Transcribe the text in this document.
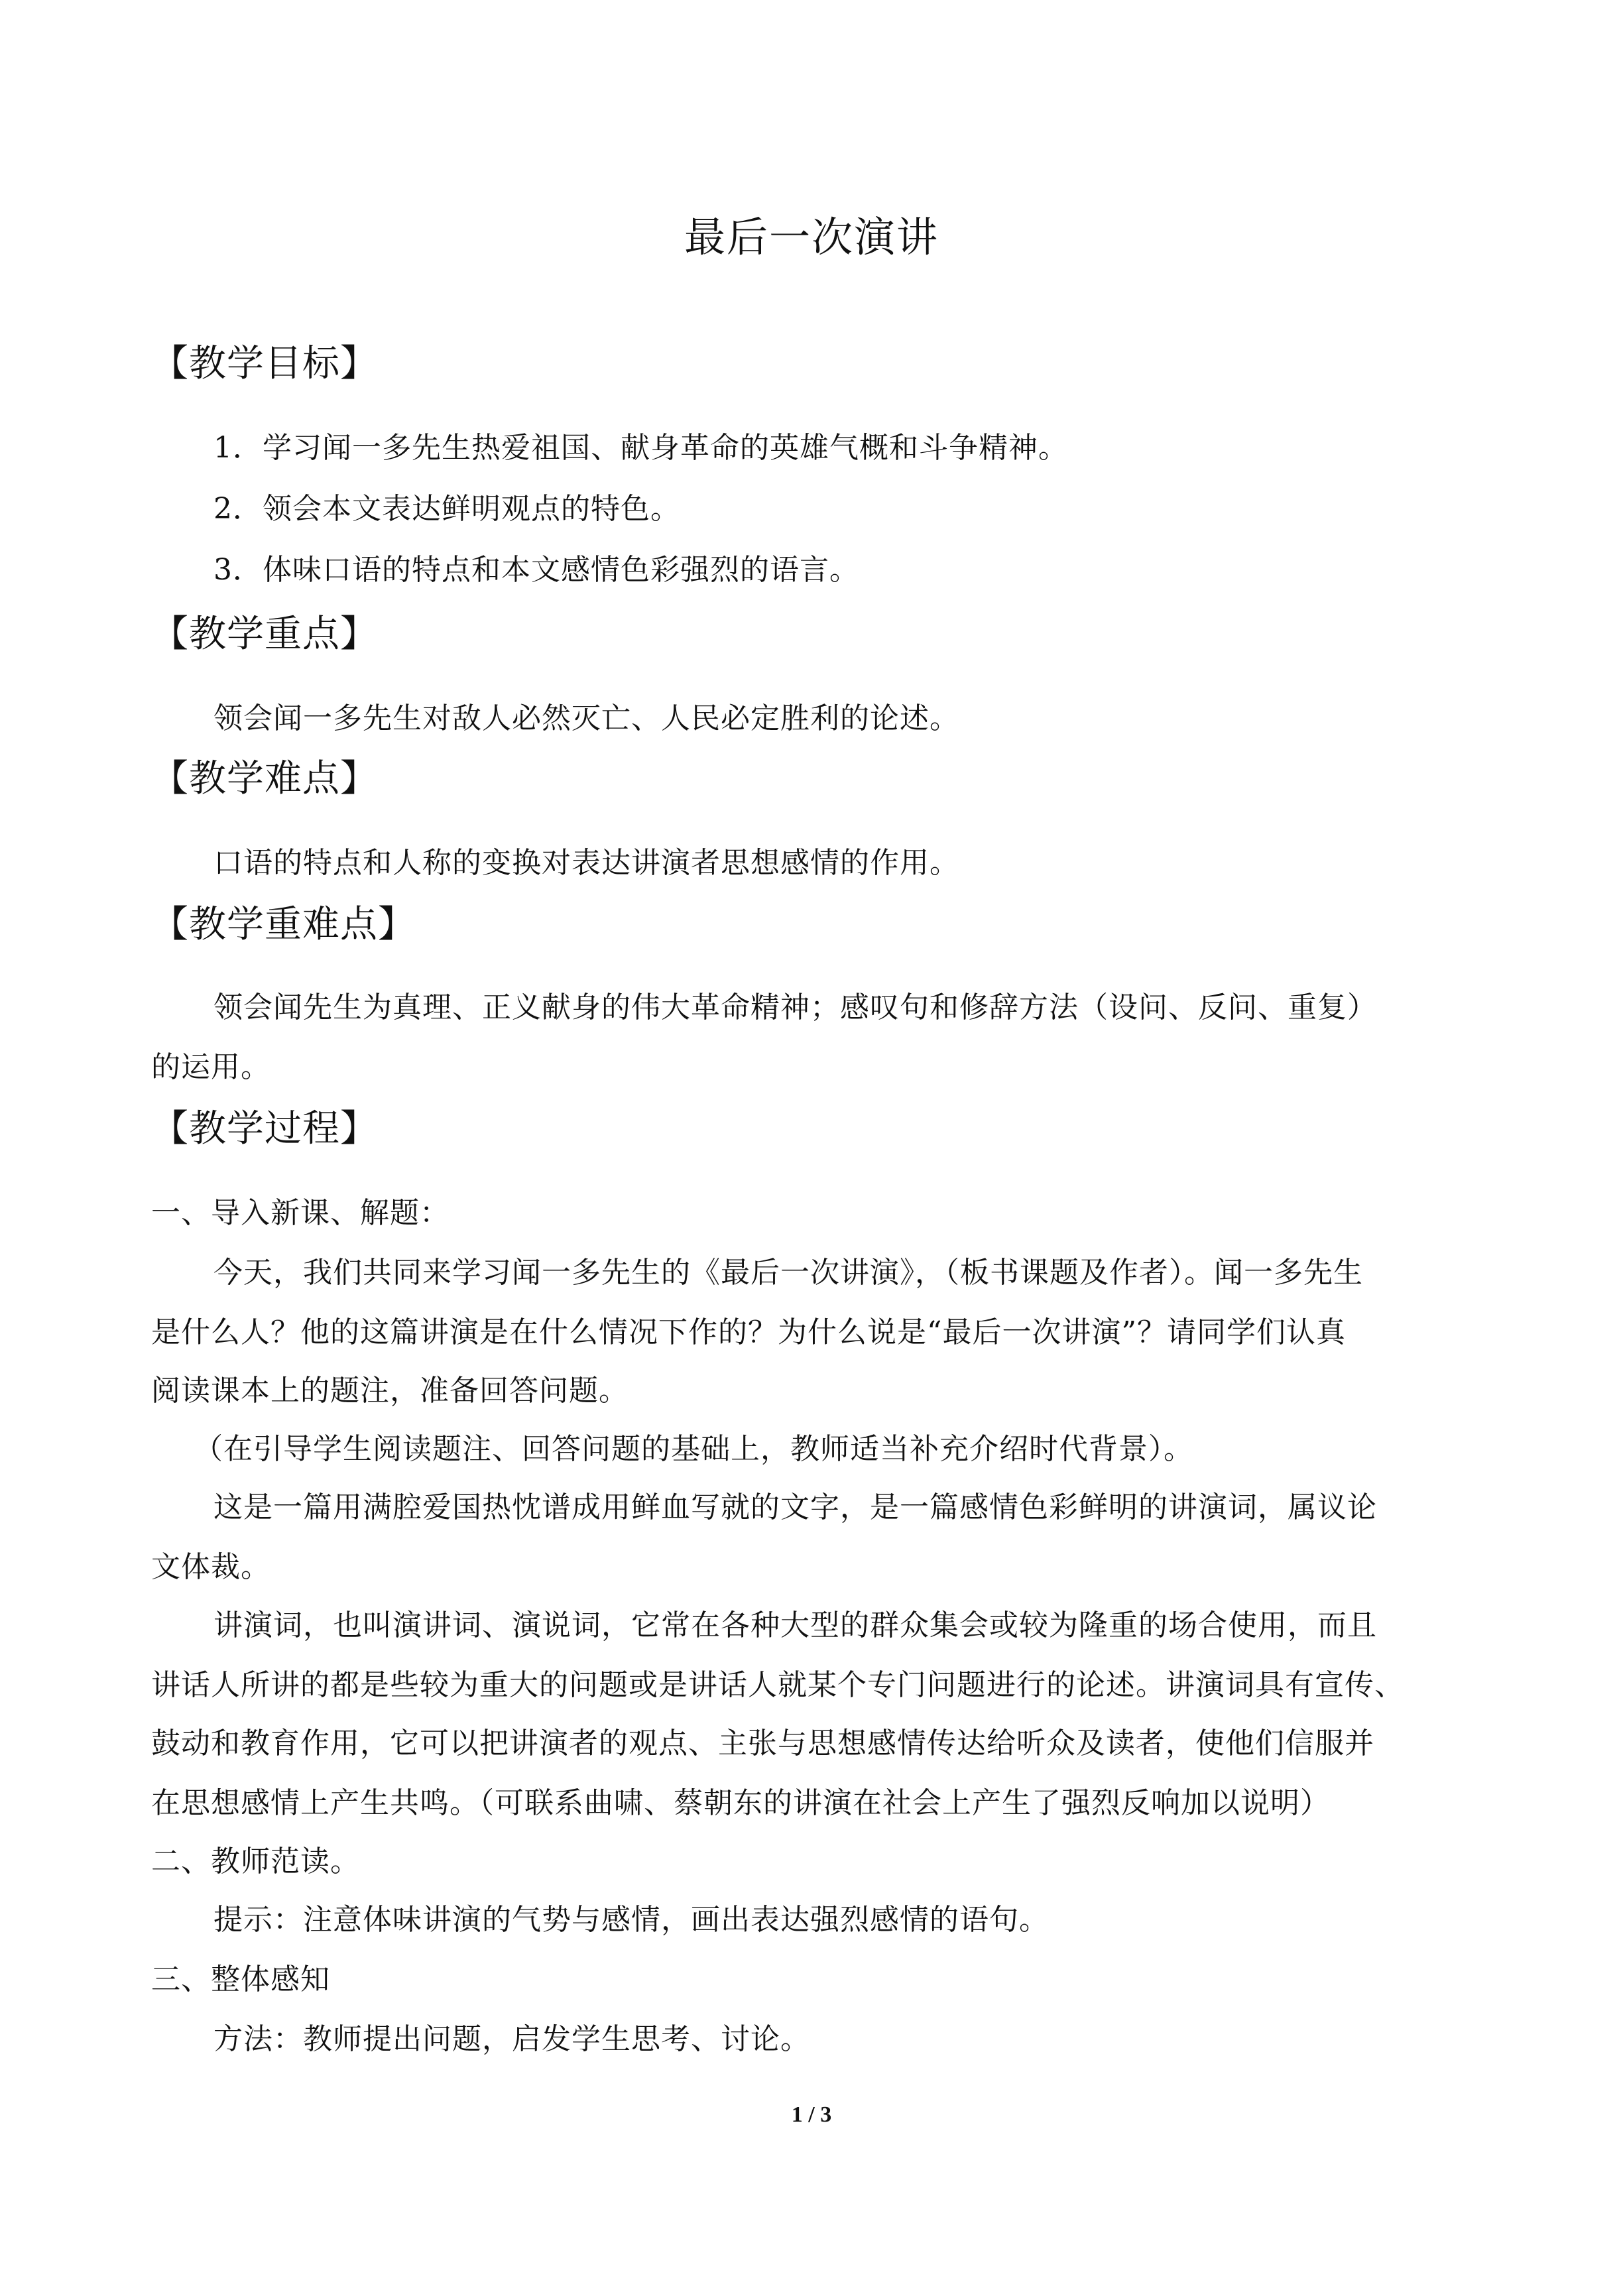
最后一次演讲
【教学目标】
1．学习闻一多先生热爱祖国、献身革命的英雄气概和斗争精神。
2．领会本文表达鲜明观点的特色。
3．体味口语的特点和本文感情色彩强烈的语言。
【教学重点】
领会闻一多先生对敌人必然灭亡、人民必定胜利的论述。
【教学难点】
口语的特点和人称的变换对表达讲演者思想感情的作用。
【教学重难点】
领会闻先生为真理、正义献身的伟大革命精神；感叹句和修辞方法（设问、反问、重复）
的运用。
【教学过程】
一、导入新课、解题：
今天，我们共同来学习闻一多先生的《最后一次讲演》，（板书课题及作者）。闻一多先生
是什么人？他的这篇讲演是在什么情况下作的？为什么说是“最后一次讲演”？请同学们认真
阅读课本上的题注，准备回答问题。
（在引导学生阅读题注、回答问题的基础上，教师适当补充介绍时代背景）。
这是一篇用满腔爱国热忱谱成用鲜血写就的文字，是一篇感情色彩鲜明的讲演词，属议论
文体裁。
讲演词，也叫演讲词、演说词，它常在各种大型的群众集会或较为隆重的场合使用，而且
讲话人所讲的都是些较为重大的问题或是讲话人就某个专门问题进行的论述。讲演词具有宣传、
鼓动和教育作用，它可以把讲演者的观点、主张与思想感情传达给听众及读者，使他们信服并
在思想感情上产生共鸣。（可联系曲啸、蔡朝东的讲演在社会上产生了强烈反响加以说明）
二、教师范读。
提示：注意体味讲演的气势与感情，画出表达强烈感情的语句。
三、整体感知
方法：教师提出问题，启发学生思考、讨论。
1 / 3
